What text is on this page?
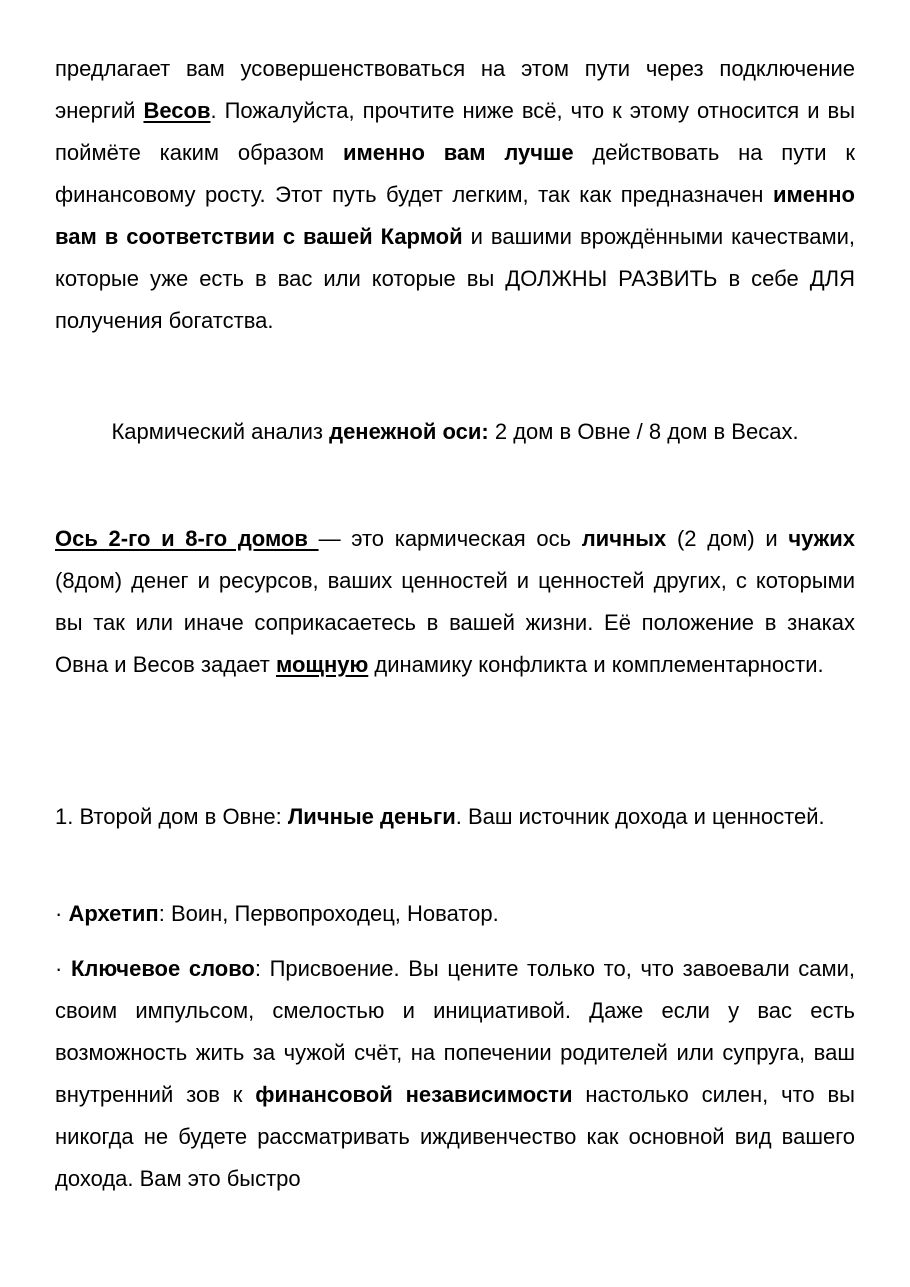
предлагает вам усовершенствоваться на этом пути через подключение энергий Весов. Пожалуйста, прочтите ниже всё, что к этому относится и вы поймёте каким образом именно вам лучше действовать на пути к финансовому росту. Этот путь будет легким, так как предназначен именно вам в соответствии с вашей Кармой и вашими врождёнными качествами, которые уже есть в вас или которые вы ДОЛЖНЫ РАЗВИТЬ в себе ДЛЯ получения богатства.

Кармический анализ денежной оси: 2 дом в Овне / 8 дом в Весах.

Ось 2-го и 8-го домов — это кармическая ось личных (2 дом) и чужих (8дом) денег и ресурсов, ваших ценностей и ценностей других, с которыми вы так или иначе соприкасаетесь в вашей жизни. Её положение в знаках Овна и Весов задает мощную динамику конфликта и комплементарности.

1. Второй дом в Овне: Личные деньги. Ваш источник дохода и ценностей.

· Архетип: Воин, Первопроходец, Новатор.

· Ключевое слово: Присвоение. Вы цените только то, что завоевали сами, своим импульсом, смелостью и инициативой. Даже если у вас есть возможность жить за чужой счёт, на попечении родителей или супруга, ваш внутренний зов к финансовой независимости настолько силен, что вы никогда не будете рассматривать иждивенчество как основной вид вашего дохода. Вам это быстро
